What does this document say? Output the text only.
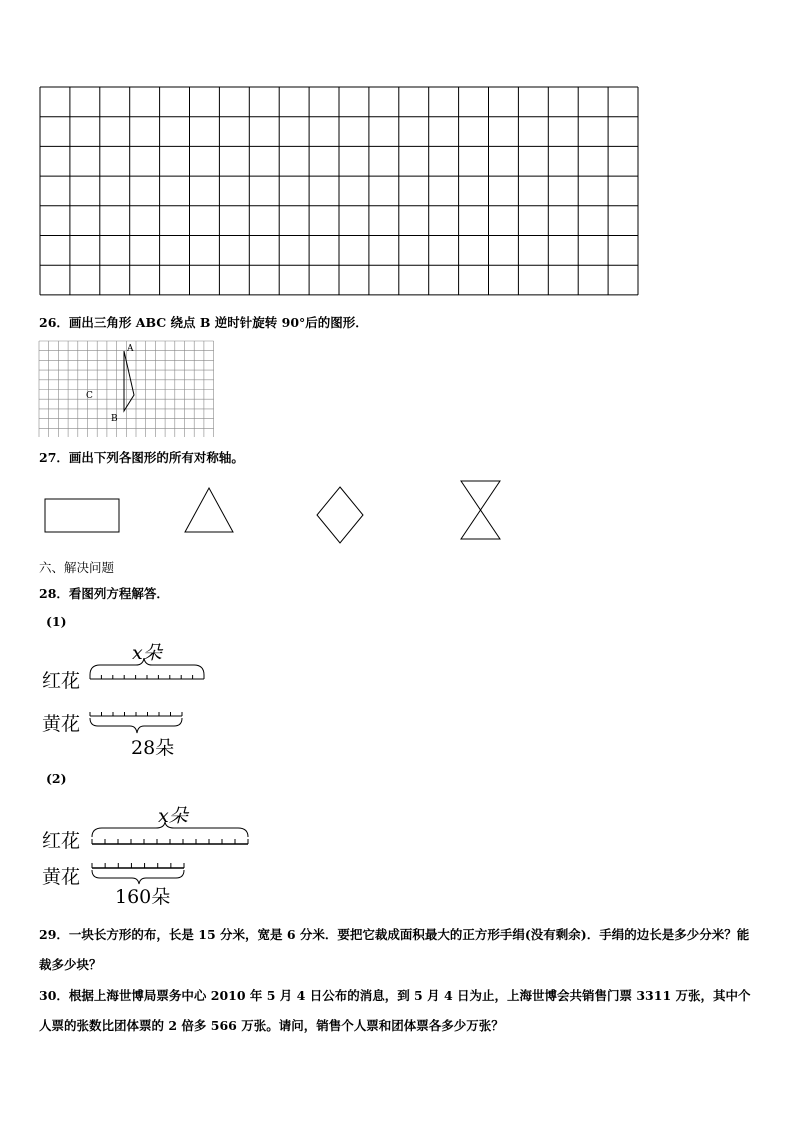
26．画出三角形 ABC 绕点 B 逆时针旋转 90°后的图形．
A
C
B
27．画出下列各图形的所有对称轴。
六、解决问题
28．看图列方程解答．
(1)
红花
黄花
x朵
28朵
(2)
红花
黄花
x朵
160朵
29．一块长方形的布，长是 15 分米，宽是 6 分米．要把它裁成面积最大的正方形手绢(没有剩余)．手绢的边长是多少分米？能裁多少块？
30．根据上海世博局票务中心 2010 年 5 月 4 日公布的消息，到 5 月 4 日为止，上海世博会共销售门票 3311 万张，其中个人票的张数比团体票的 2 倍多 566 万张。请问，销售个人票和团体票各多少万张？
